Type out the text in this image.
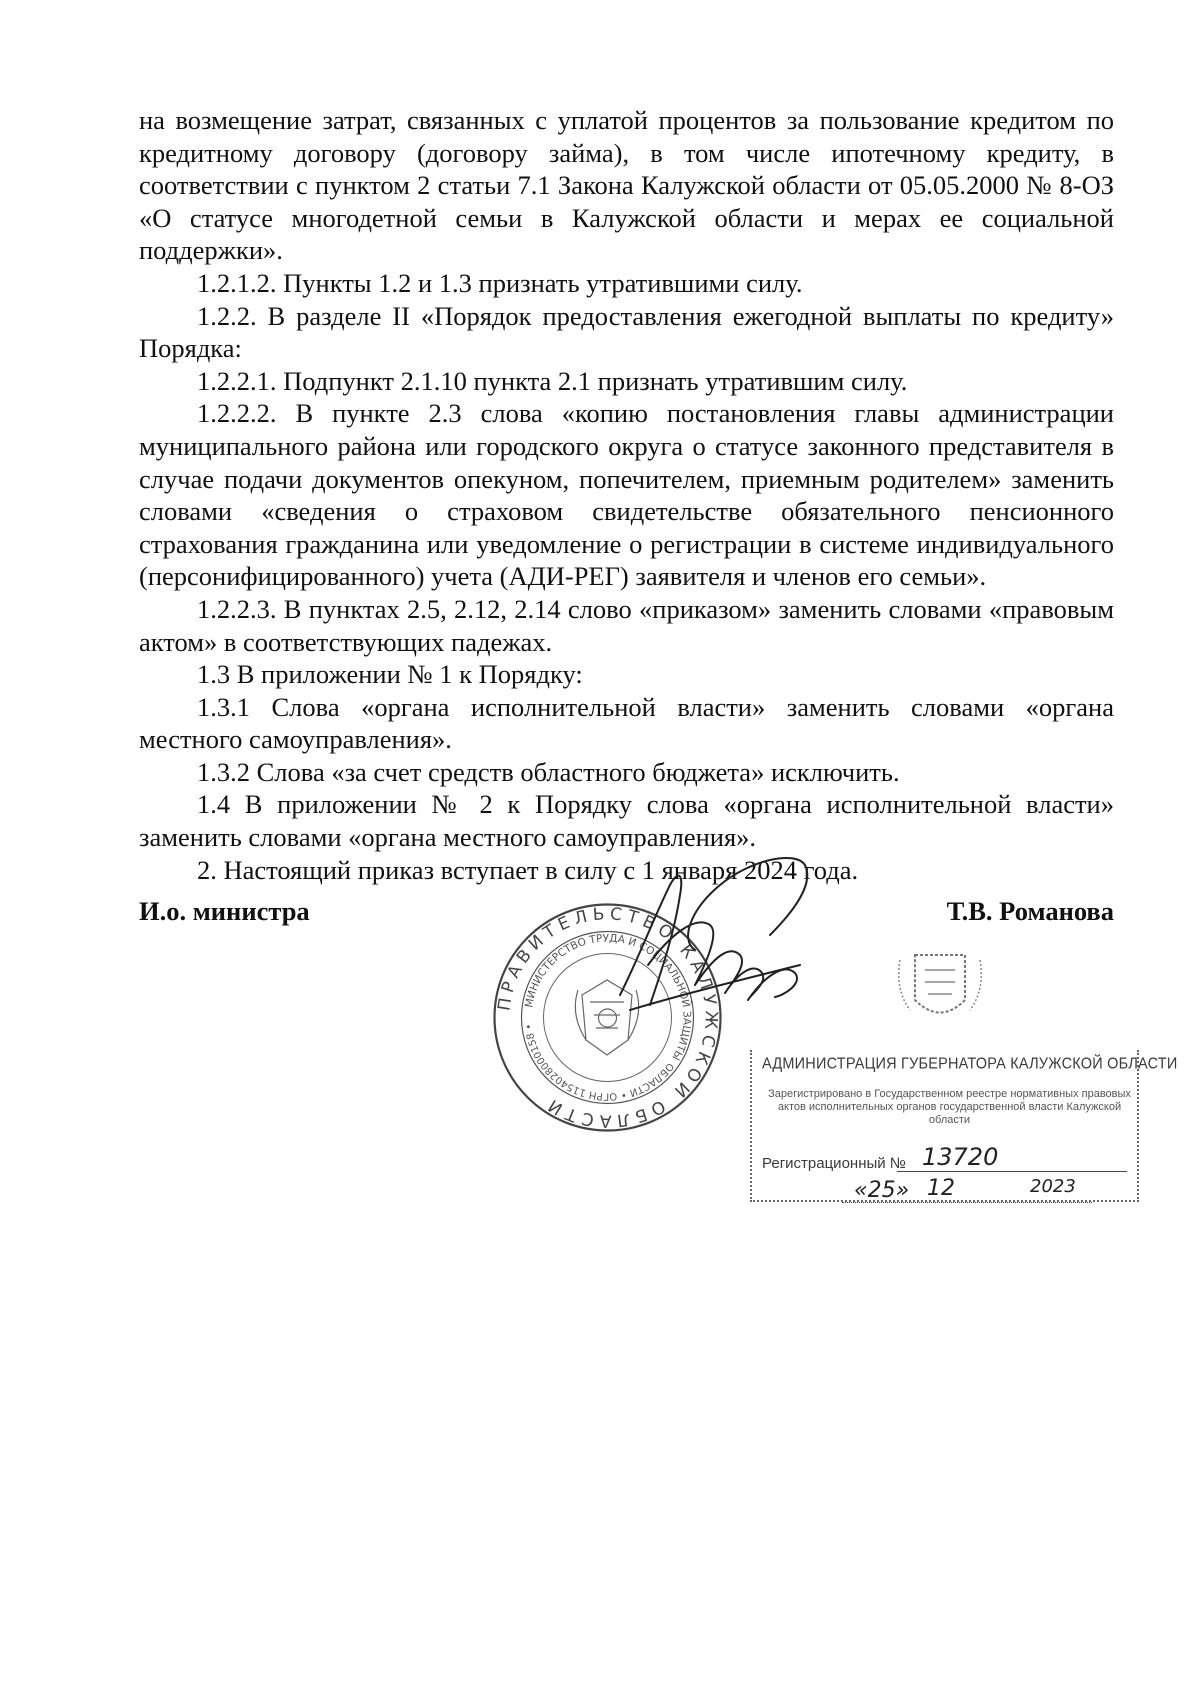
на возмещение затрат, связанных с уплатой процентов за пользование кредитом по кредитному договору (договору займа), в том числе ипотечному кредиту, в соответствии с пунктом 2 статьи 7.1 Закона Калужской области от 05.05.2000 № 8-ОЗ «О статусе многодетной семьи в Калужской области и мерах ее социальной поддержки».

1.2.1.2. Пункты 1.2 и 1.3 признать утратившими силу.

1.2.2. В разделе II «Порядок предоставления ежегодной выплаты по кредиту» Порядка:

1.2.2.1. Подпункт 2.1.10 пункта 2.1 признать утратившим силу.

1.2.2.2. В пункте 2.3 слова «копию постановления главы администрации муниципального района или городского округа о статусе законного представителя в случае подачи документов опекуном, попечителем, приемным родителем» заменить словами «сведения о страховом свидетельстве обязательного пенсионного страхования гражданина или уведомление о регистрации в системе индивидуального (персонифицированного) учета (АДИ-РЕГ) заявителя и членов его семьи».

1.2.2.3. В пунктах 2.5, 2.12, 2.14 слово «приказом» заменить словами «правовым актом» в соответствующих падежах.

1.3 В приложении № 1 к Порядку:

1.3.1 Слова «органа исполнительной власти» заменить словами «органа местного самоуправления».

1.3.2 Слова «за счет средств областного бюджета» исключить.

1.4 В приложении № 2 к Порядку слова «органа исполнительной власти» заменить словами «органа местного самоуправления».

2. Настоящий приказ вступает в силу с 1 января 2024 года.

И.о. министра	Т.В. Романова
ПРАВИТЕЛЬСТВО КАЛУЖСКОЙ ОБЛАСТИ
МИНИСТЕРСТВО ТРУДА И СОЦИАЛЬНОЙ ЗАЩИТЫ
ОБЛАСТИ • ОГРН 1154028000158 •
АДМИНИСТРАЦИЯ ГУБЕРНАТОРА КАЛУЖСКОЙ ОБЛАСТИ
Зарегистрировано в Государственном реестре нормативных правовых актов исполнительных органов государственной власти Калужской области
Регистрационный № 13720
«25» 12	2023
